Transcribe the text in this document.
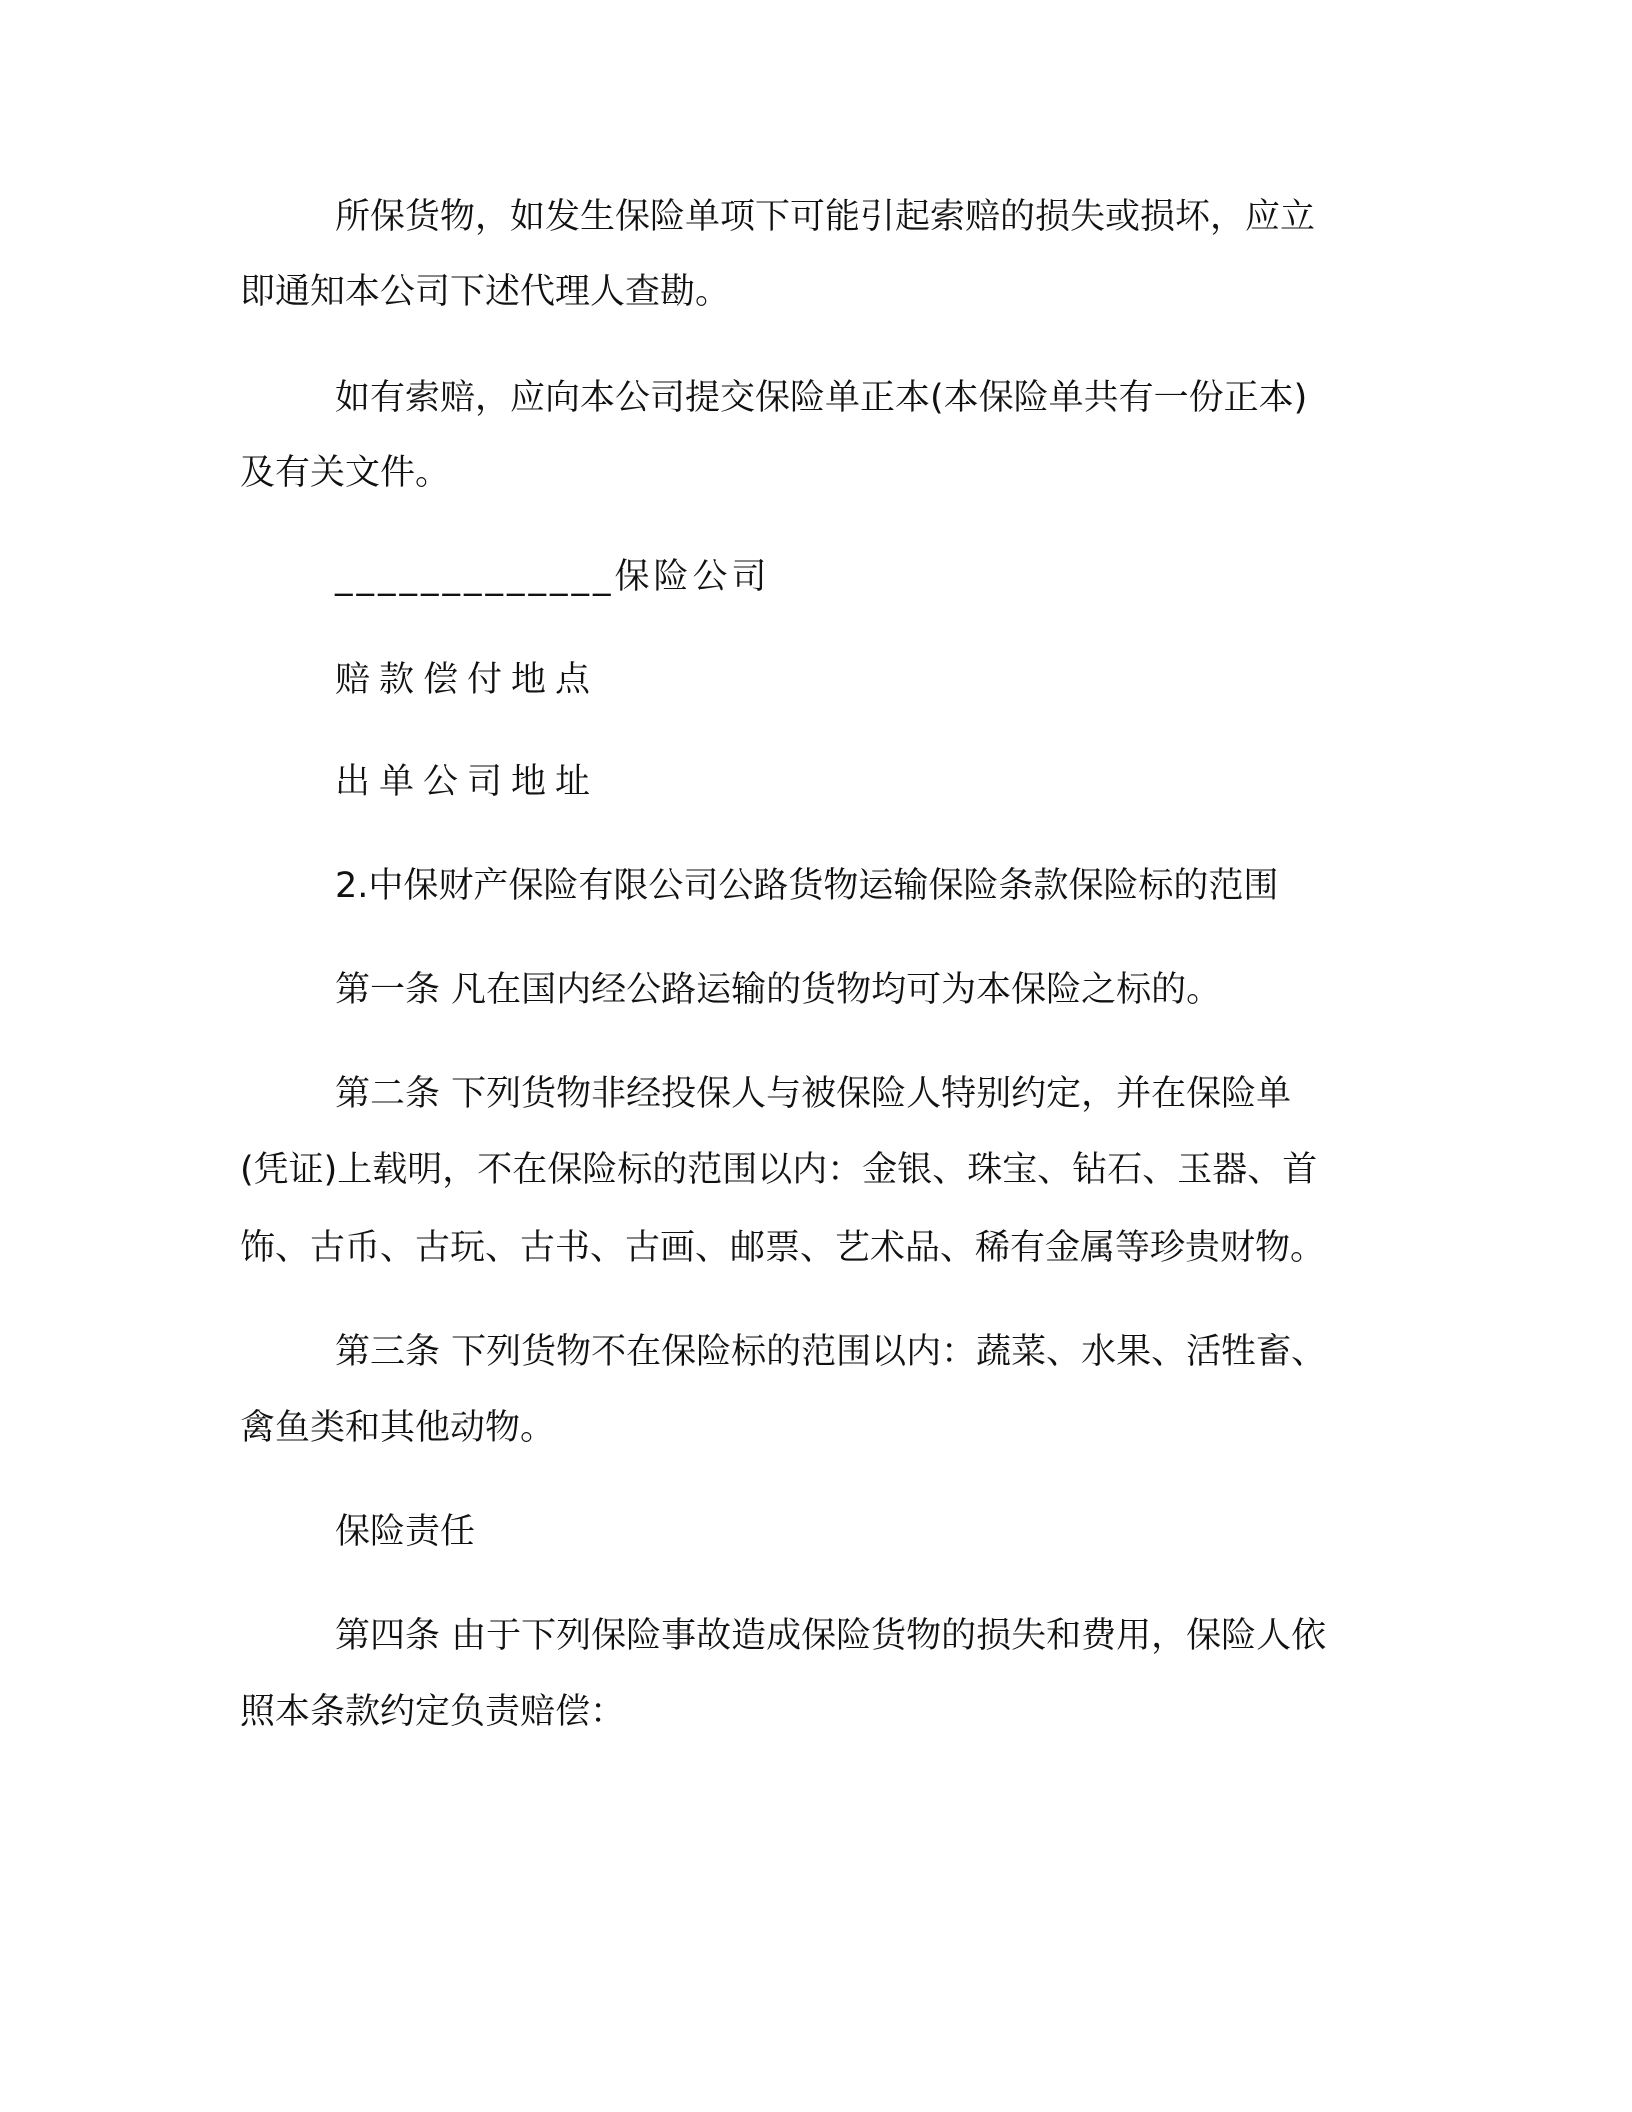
所保货物，如发生保险单项下可能引起索赔的损失或损坏，应立

即通知本公司下述代理人查勘。

如有索赔，应向本公司提交保险单正本(本保险单共有一份正本)

及有关文件。

_____________保险公司

赔款偿付地点

出单公司地址

2.中保财产保险有限公司公路货物运输保险条款保险标的范围

第一条 凡在国内经公路运输的货物均可为本保险之标的。

第二条 下列货物非经投保人与被保险人特别约定，并在保险单

(凭证)上载明，不在保险标的范围以内：金银、珠宝、钻石、玉器、首

饰、古币、古玩、古书、古画、邮票、艺术品、稀有金属等珍贵财物。

第三条 下列货物不在保险标的范围以内：蔬菜、水果、活牲畜、

禽鱼类和其他动物。

保险责任

第四条 由于下列保险事故造成保险货物的损失和费用，保险人依

照本条款约定负责赔偿：
